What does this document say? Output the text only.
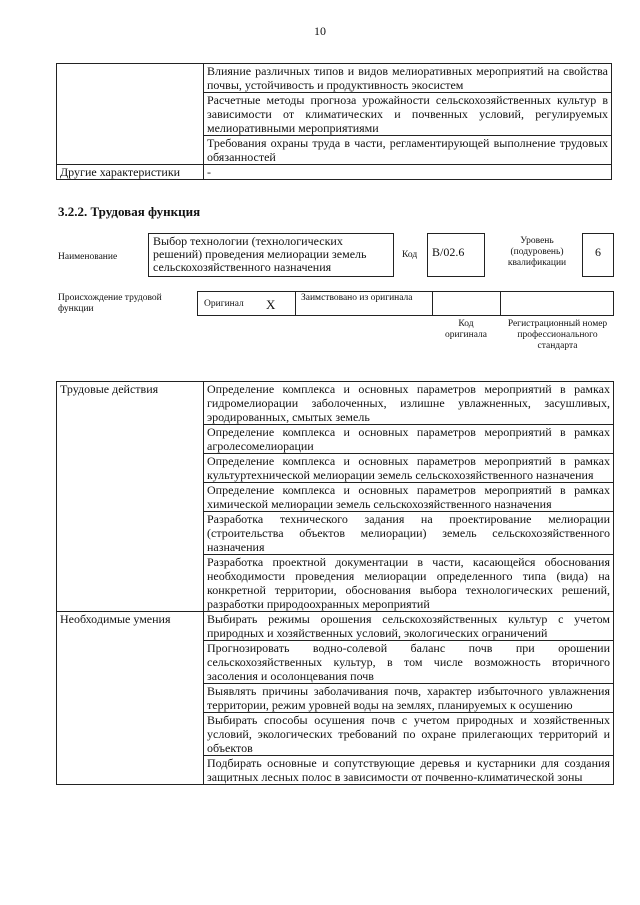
10
	Влияние различных типов и видов мелиоративных мероприятий на свойства почвы, устойчивость и продуктивность экосистем
	Расчетные методы прогноза урожайности сельскохозяйственных культур в зависимости от климатических и почвенных условий, регулируемых мелиоративными мероприятиями
	Требования охраны труда в части, регламентирующей выполнение трудовых обязанностей
Другие характеристики	-
3.2.2. Трудовая функция
Наименование
Выбор технологии (технологических решений) проведения мелиорации земель сельскохозяйственного назначения
Код	B/02.6
Уровень (подуровень) квалификации
6
Происхождение трудовой функции	Оригинал X	Заимствовано из оригинала
Код оригинала
Регистрационный номер профессионального стандарта
Трудовые действия	Определение комплекса и основных параметров мероприятий в рамках гидромелиорации заболоченных, излишне увлажненных, засушливых, эродированных, смытых земель
	Определение комплекса и основных параметров мероприятий в рамках агролесомелиорации
	Определение комплекса и основных параметров мероприятий в рамках культуртехнической мелиорации земель сельскохозяйственного назначения
	Определение комплекса и основных параметров мероприятий в рамках химической мелиорации земель сельскохозяйственного назначения
	Разработка технического задания на проектирование мелиорации (строительства объектов мелиорации) земель сельскохозяйственного назначения
	Разработка проектной документации в части, касающейся обоснования необходимости проведения мелиорации определенного типа (вида) на конкретной территории, обоснования выбора технологических решений, разработки природоохранных мероприятий
Необходимые умения	Выбирать режимы орошения сельскохозяйственных культур с учетом природных и хозяйственных условий, экологических ограничений
	Прогнозировать водно-солевой баланс почв при орошении сельскохозяйственных культур, в том числе возможность вторичного засоления и осолонцевания почв
	Выявлять причины заболачивания почв, характер избыточного увлажнения территории, режим уровней воды на землях, планируемых к осушению
	Выбирать способы осушения почв с учетом природных и хозяйственных условий, экологических требований по охране прилегающих территорий и объектов
	Подбирать основные и сопутствующие деревья и кустарники для создания защитных лесных полос в зависимости от почвенно-климатической зоны
